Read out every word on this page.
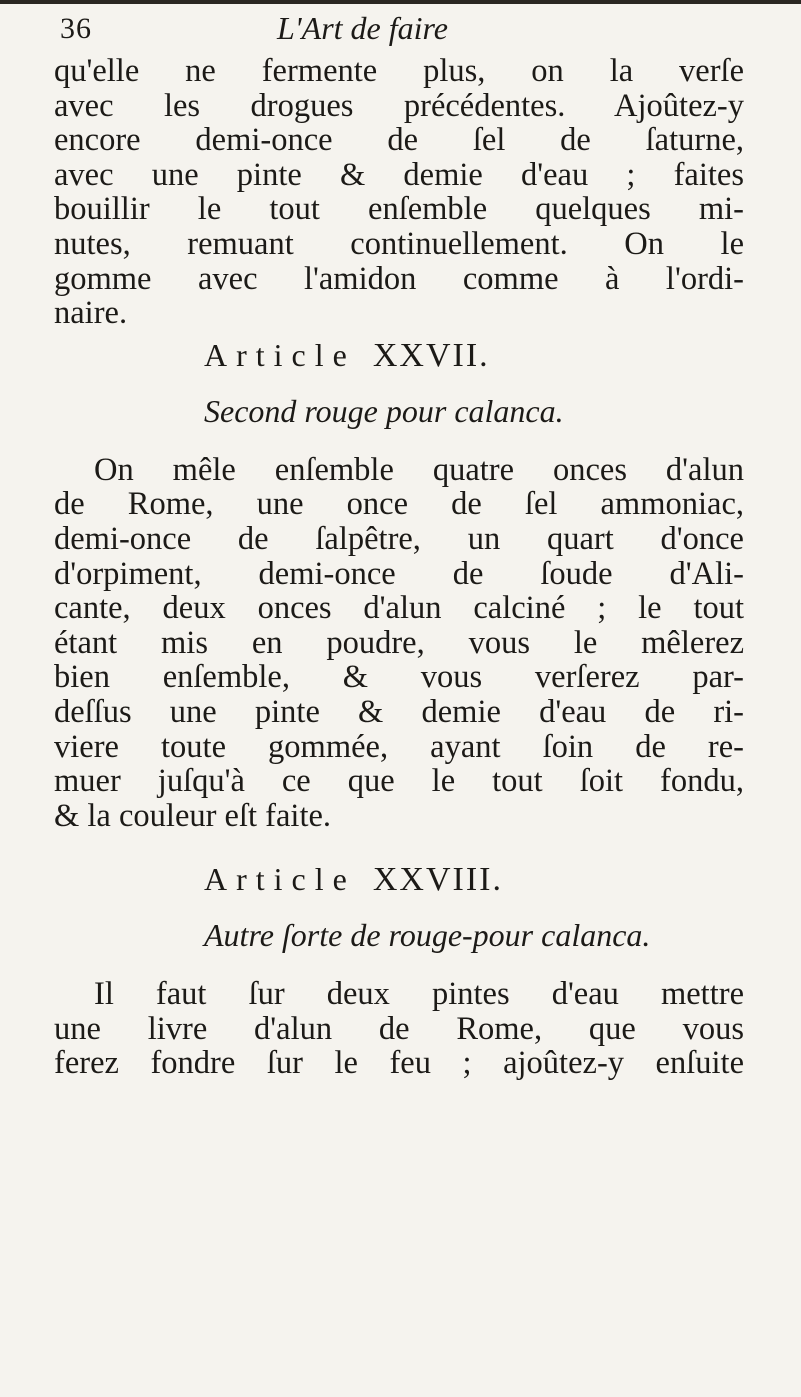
36	L'Art de faire
qu'elle ne fermente plus, on la verſe
avec les drogues précédentes. Ajoûtez-y
encore demi-once de ſel de ſaturne,
avec une pinte & demie d'eau ; faites
bouillir le tout enſemble quelques mi-
nutes, remuant continuellement. On le
gomme avec l'amidon comme à l'ordi-
naire.
Article XXVII.
Second rouge pour calanca.
On mêle enſemble quatre onces d'alun
de Rome, une once de ſel ammoniac,
demi-once de ſalpêtre, un quart d'once
d'orpiment, demi-once de ſoude d'Ali-
cante, deux onces d'alun calciné ; le tout
étant mis en poudre, vous le mêlerez
bien enſemble, & vous verſerez par-
deſſus une pinte & demie d'eau de ri-
viere toute gommée, ayant ſoin de re-
muer juſqu'à ce que le tout ſoit fondu,
& la couleur eſt faite.
Article XXVIII.
Autre ſorte de rouge-pour calanca.
Il faut ſur deux pintes d'eau mettre
une livre d'alun de Rome, que vous
ferez fondre ſur le feu ; ajoûtez-y enſuite
